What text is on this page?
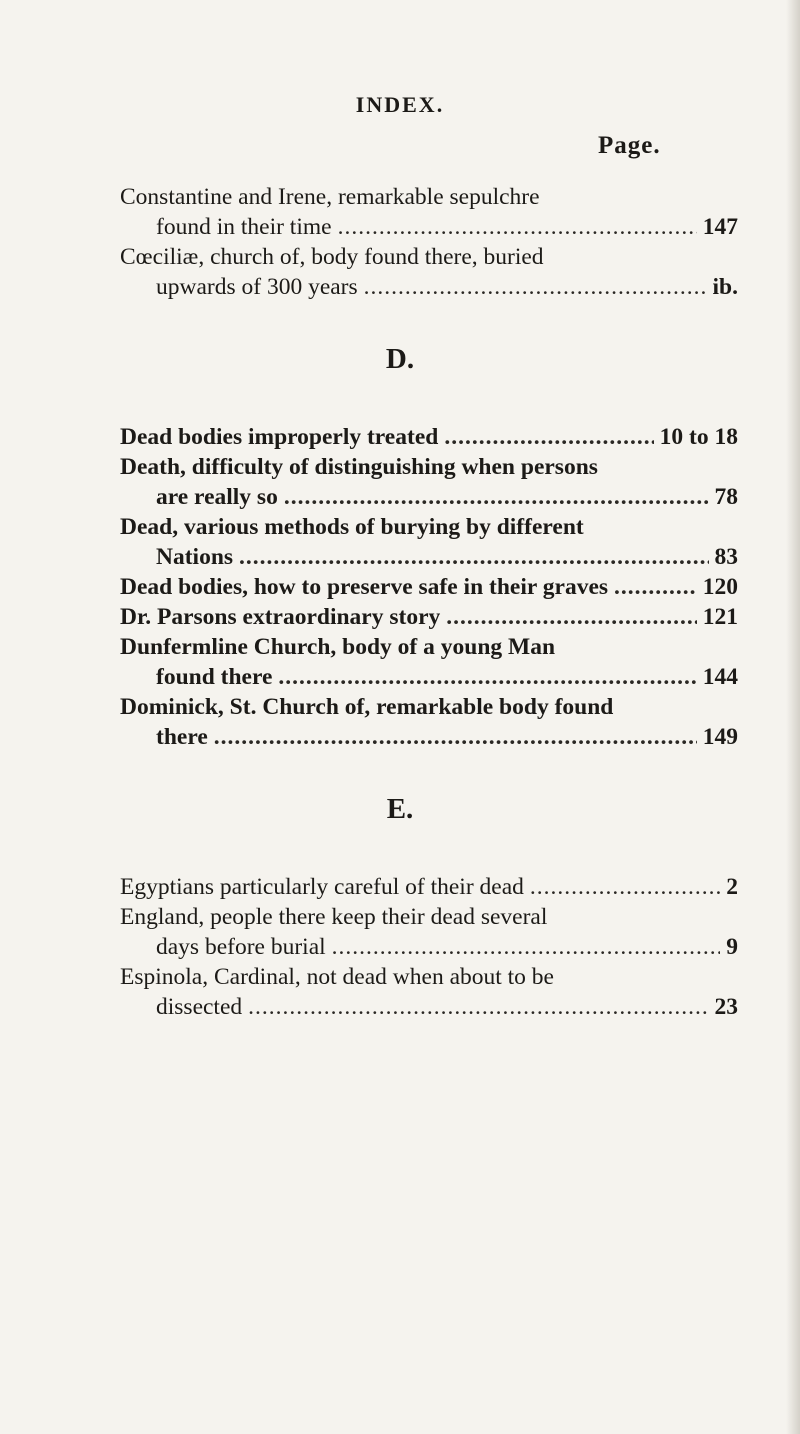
INDEX.
Page.
Constantine and Irene, remarkable sepulchre
found in their time .....	147
Cœciliæ, church of, body found there, buried
upwards of 300 years .....	ib.
D.
Dead bodies improperly treated .....	10 to 18
Death, difficulty of distinguishing when persons
are really so .....	78
Dead, various methods of burying by different
Nations .....	83
Dead bodies, how to preserve safe in their graves .....	120
Dr. Parsons extraordinary story .....	121
Dunfermline Church, body of a young Man
found there .....	144
Dominick, St. Church of, remarkable body found
there .....	149
E.
Egyptians particularly careful of their dead .....	2
England, people there keep their dead several
days before burial .....	9
Espinola, Cardinal, not dead when about to be
dissected .....	23
